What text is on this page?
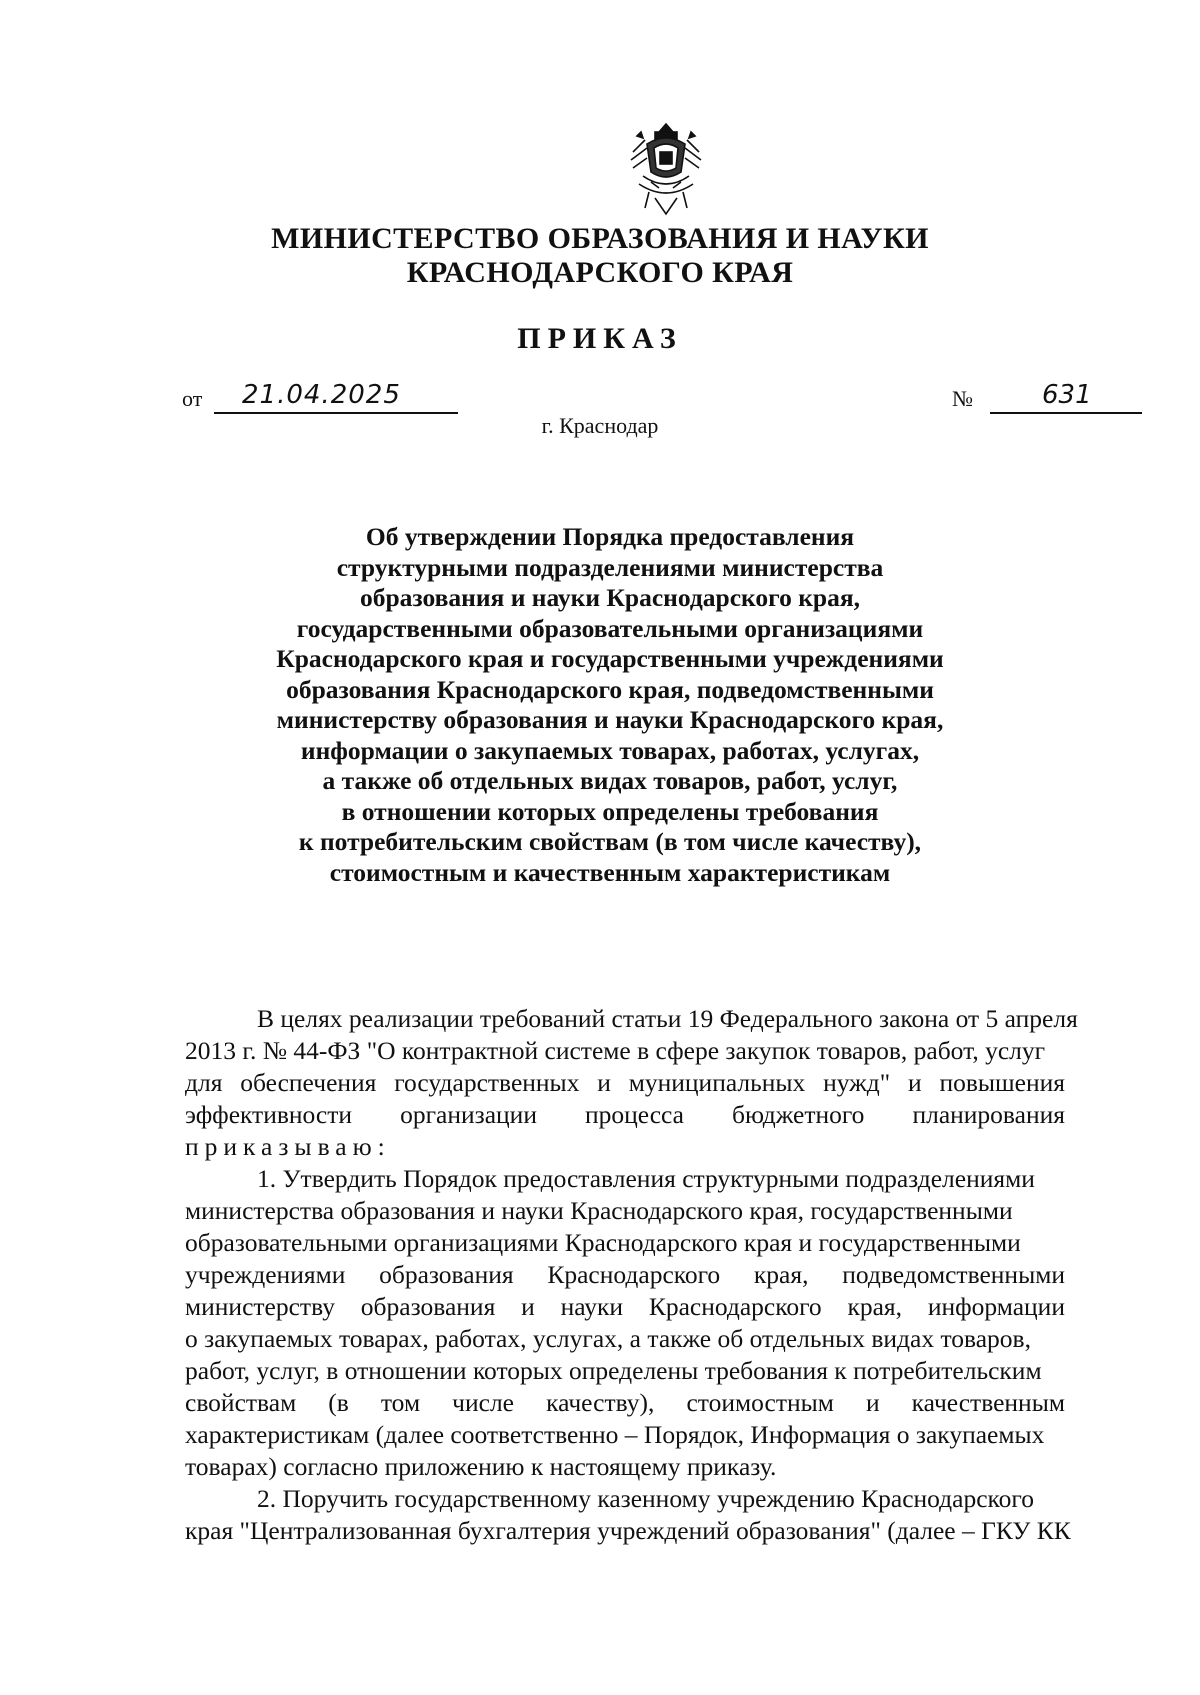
МИНИСТЕРСТВО ОБРАЗОВАНИЯ И НАУКИ
КРАСНОДАРСКОГО КРАЯ
ПРИКАЗ
от 21.04.2025	№	631
г. Краснодар
Об утверждении Порядка предоставления
структурными подразделениями министерства
образования и науки Краснодарского края,
государственными образовательными организациями
Краснодарского края и государственными учреждениями
образования Краснодарского края, подведомственными
министерству образования и науки Краснодарского края,
информации о закупаемых товарах, работах, услугах,
а также об отдельных видах товаров, работ, услуг,
в отношении которых определены требования
к потребительским свойствам (в том числе качеству),
стоимостным и качественным характеристикам
В целях реализации требований статьи 19 Федерального закона от 5 апреля
2013 г. № 44-ФЗ "О контрактной системе в сфере закупок товаров, работ, услуг
для обеспечения государственных и муниципальных нужд" и повышения
эффективности организации процесса бюджетного планирования
приказываю:
1. Утвердить Порядок предоставления структурными подразделениями
министерства образования и науки Краснодарского края, государственными
образовательными организациями Краснодарского края и государственными
учреждениями образования Краснодарского края, подведомственными
министерству образования и науки Краснодарского края, информации
о закупаемых товарах, работах, услугах, а также об отдельных видах товаров,
работ, услуг, в отношении которых определены требования к потребительским
свойствам (в том числе качеству), стоимостным и качественным
характеристикам (далее соответственно – Порядок, Информация о закупаемых
товарах) согласно приложению к настоящему приказу.
2. Поручить государственному казенному учреждению Краснодарского
края "Централизованная бухгалтерия учреждений образования" (далее – ГКУ КК
